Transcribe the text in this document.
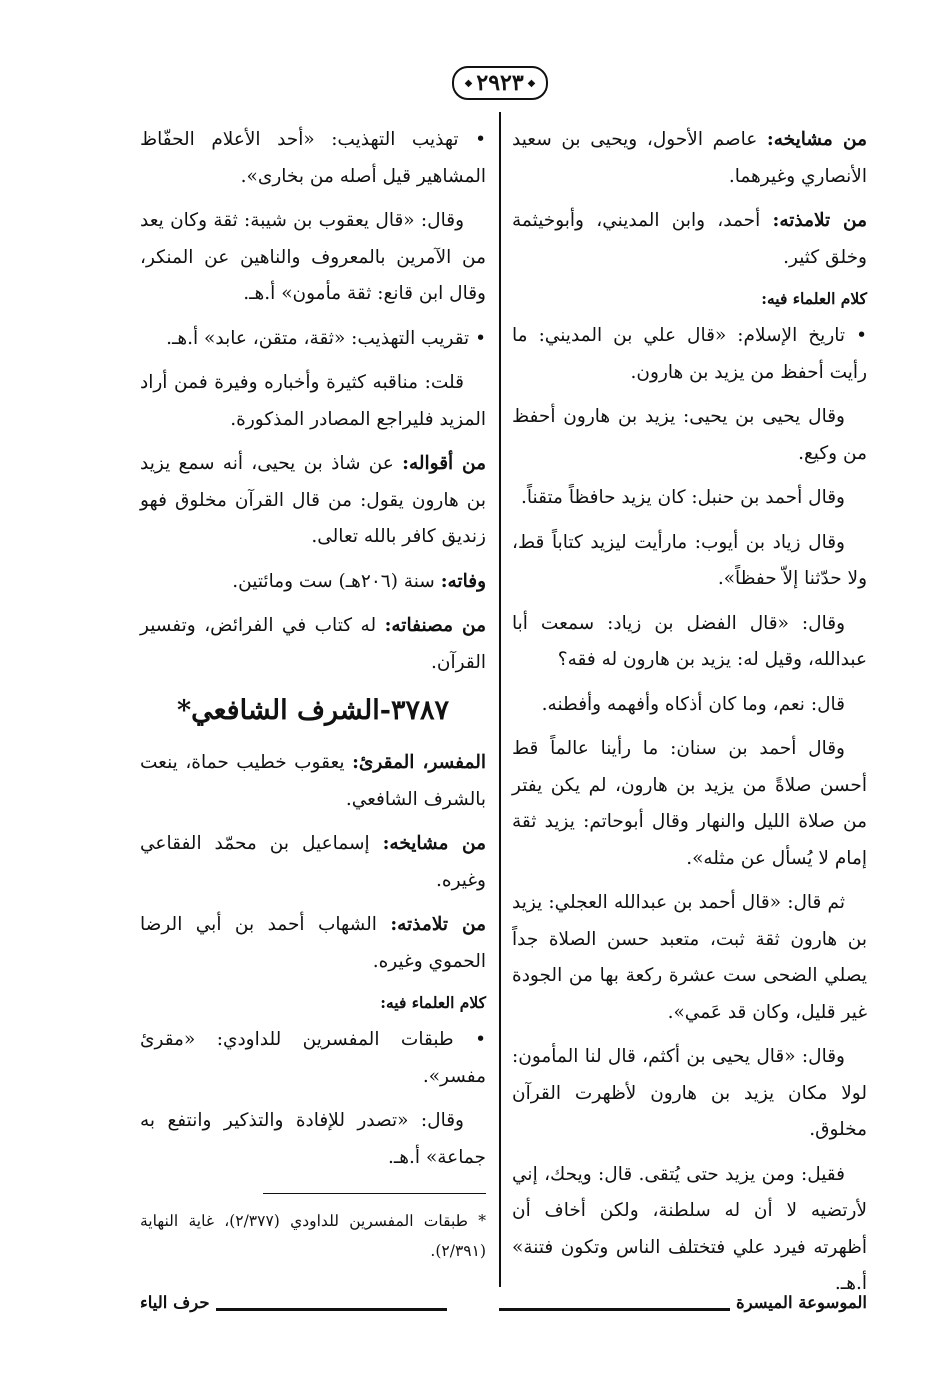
◆
٢٩٢٣
◆

من مشايخه: عاصم الأحول، ويحيى بن سعيد الأنصاري وغيرهما.

من تلامذته: أحمد، وابن المديني، وأبوخيثمة وخلق كثير.

كلام العلماء فيه:

• تاريخ الإسلام: «قال علي بن المديني: ما رأيت أحفظ من يزيد بن هارون.

وقال يحيى بن يحيى: يزيد بن هارون أحفظ من وكيع.

وقال أحمد بن حنبل: كان يزيد حافظاً متقناً.

وقال زياد بن أيوب: مارأيت ليزيد كتاباً قط، ولا حدّثنا إلاّ حفظاً».

وقال: «قال الفضل بن زياد: سمعت أبا عبدالله، وقيل له: يزيد بن هارون له فقه؟

قال: نعم، وما كان أذكاه وأفهمه وأفطنه.

وقال أحمد بن سنان: ما رأينا عالماً قط أحسن صلاةً من يزيد بن هارون، لم يكن يفتر من صلاة الليل والنهار وقال أبوحاتم: يزيد ثقة إمام لا يُسأل عن مثله».

ثم قال: «قال أحمد بن عبدالله العجلي: يزيد بن هارون ثقة ثبت، متعبد حسن الصلاة جداً يصلي الضحى ست عشرة ركعة بها من الجودة غير قليل، وكان قد عَمي».

وقال: «قال يحيى بن أكثم، قال لنا المأمون: لولا مكان يزيد بن هارون لأظهرت القرآن مخلوق.

فقيل: ومن يزيد حتى يُتقى. قال: ويحك، إني لأرتضيه لا أن له سلطنة، ولكن أخاف أن أظهرته فيرد علي فتختلف الناس وتكون فتنة» أ.هـ.

• تهذيب التهذيب: «أحد الأعلام الحفّاظ المشاهير قيل أصله من بخارى».

وقال: «قال يعقوب بن شيبة: ثقة وكان يعد من الآمرين بالمعروف والناهين عن المنكر، وقال ابن قانع: ثقة مأمون» أ.هـ.

• تقريب التهذيب: «ثقة، متقن، عابد» أ.هـ.

قلت: مناقبه كثيرة وأخباره وفيرة فمن أراد المزيد فليراجع المصادر المذكورة.

من أقواله: عن شاذ بن يحيى، أنه سمع يزيد بن هارون يقول: من قال القرآن مخلوق فهو زنديق كافر بالله تعالى.

وفاته: سنة (٢٠٦هـ) ست ومائتين.

من مصنفاته: له كتاب في الفرائض، وتفسير القرآن.

٣٧٨٧-الشرف الشافعي*

المفسر، المقرئ: يعقوب خطيب حماة، ينعت بالشرف الشافعي.

من مشايخه: إسماعيل بن محمّد الفقاعي وغيره.

من تلامذته: الشهاب أحمد بن أبي الرضا الحموي وغيره.

كلام العلماء فيه:

• طبقات المفسرين للداودي: «مقرئ مفسر».

وقال: «تصدر للإفادة والتذكير وانتفع به جماعة» أ.هـ.

* طبقات المفسرين للداودي (٢/٣٧٧)، غاية النهاية (٢/٣٩١).
الموسوعة الميسرة
حرف الياء
